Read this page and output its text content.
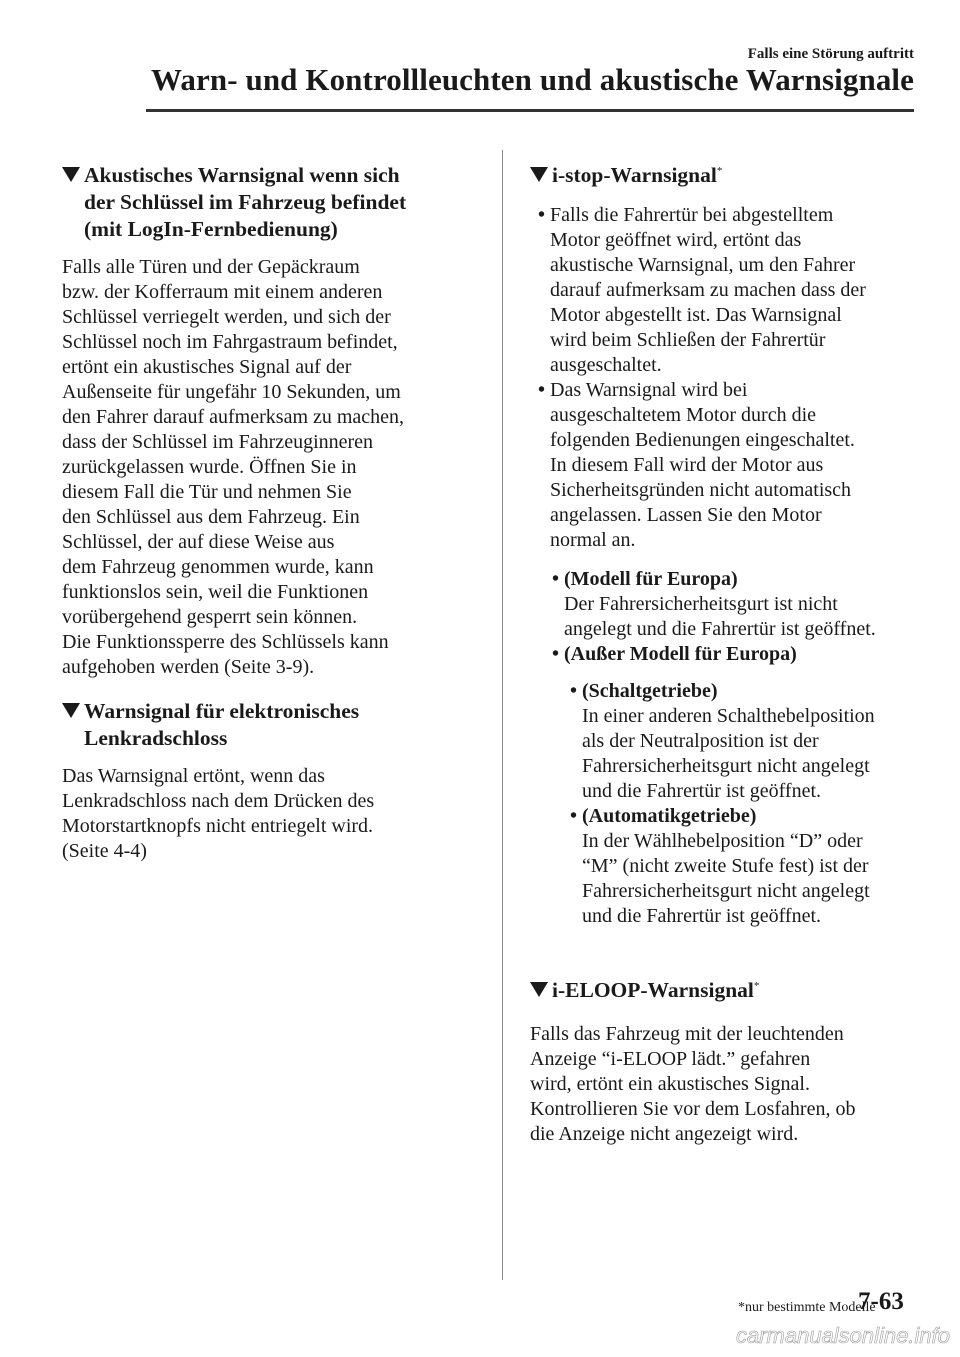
Falls eine Störung auftritt
Warn- und Kontrollleuchten und akustische Warnsignale
Akustisches Warnsignal wenn sich
der Schlüssel im Fahrzeug befindet
(mit LogIn-Fernbedienung)
Falls alle Türen und der Gepäckraum
bzw. der Kofferraum mit einem anderen
Schlüssel verriegelt werden, und sich der
Schlüssel noch im Fahrgastraum befindet,
ertönt ein akustisches Signal auf der
Außenseite für ungefähr 10 Sekunden, um
den Fahrer darauf aufmerksam zu machen,
dass der Schlüssel im Fahrzeuginneren
zurückgelassen wurde. Öffnen Sie in
diesem Fall die Tür und nehmen Sie
den Schlüssel aus dem Fahrzeug. Ein
Schlüssel, der auf diese Weise aus
dem Fahrzeug genommen wurde, kann
funktionslos sein, weil die Funktionen
vorübergehend gesperrt sein können.
Die Funktionssperre des Schlüssels kann
aufgehoben werden (Seite 3-9).
Warnsignal für elektronisches
Lenkradschloss
Das Warnsignal ertönt, wenn das
Lenkradschloss nach dem Drücken des
Motorstartknopfs nicht entriegelt wird.
(Seite 4-4)
i-stop-Warnsignal*
• Falls die Fahrertür bei abgestelltem
Motor geöffnet wird, ertönt das
akustische Warnsignal, um den Fahrer
darauf aufmerksam zu machen dass der
Motor abgestellt ist. Das Warnsignal
wird beim Schließen der Fahrertür
ausgeschaltet.
• Das Warnsignal wird bei
ausgeschaltetem Motor durch die
folgenden Bedienungen eingeschaltet.
In diesem Fall wird der Motor aus
Sicherheitsgründen nicht automatisch
angelassen. Lassen Sie den Motor
normal an.
• (Modell für Europa)
Der Fahrersicherheitsgurt ist nicht
angelegt und die Fahrertür ist geöffnet.
• (Außer Modell für Europa)
• (Schaltgetriebe)
In einer anderen Schalthebelposition
als der Neutralposition ist der
Fahrersicherheitsgurt nicht angelegt
und die Fahrertür ist geöffnet.
• (Automatikgetriebe)
In der Wählhebelposition “D” oder
“M” (nicht zweite Stufe fest) ist der
Fahrersicherheitsgurt nicht angelegt
und die Fahrertür ist geöffnet.
i-ELOOP-Warnsignal*
Falls das Fahrzeug mit der leuchtenden
Anzeige “i-ELOOP lädt.” gefahren
wird, ertönt ein akustisches Signal.
Kontrollieren Sie vor dem Losfahren, ob
die Anzeige nicht angezeigt wird.
*nur bestimmte Modelle
7-63
carmanualsonline.info
